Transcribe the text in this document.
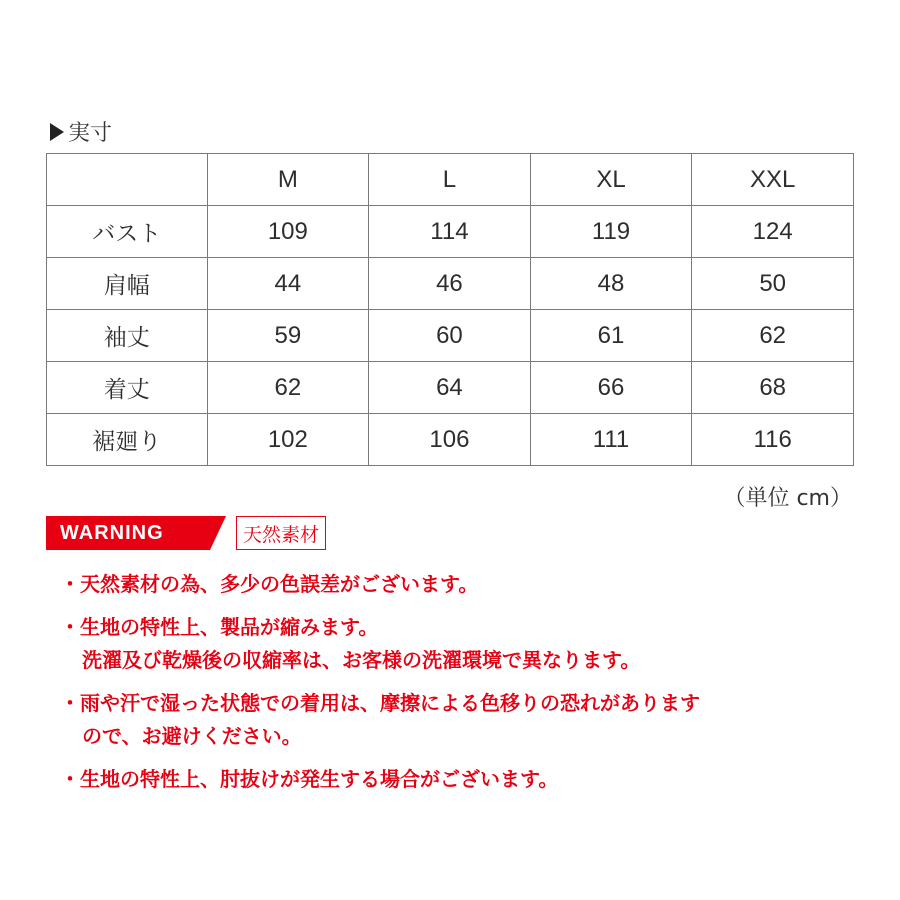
実寸
	M	L	XL	XXL
バスト	109	114	119	124
肩幅	44	46	48	50
袖丈	59	60	61	62
着丈	62	64	66	68
裾廻り	102	106	111	116
（単位 cm）
WARNING	天然素材
・ 天然素材の為、多少の色誤差がございます。
・ 生地の特性上、製品が縮みます。
洗濯及び乾燥後の収縮率は、お客様の洗濯環境で異なります。
・ 雨や汗で湿った状態での着用は、摩擦による色移りの恐れがあります
ので、お避けください。
・ 生地の特性上、肘抜けが発生する場合がございます。
